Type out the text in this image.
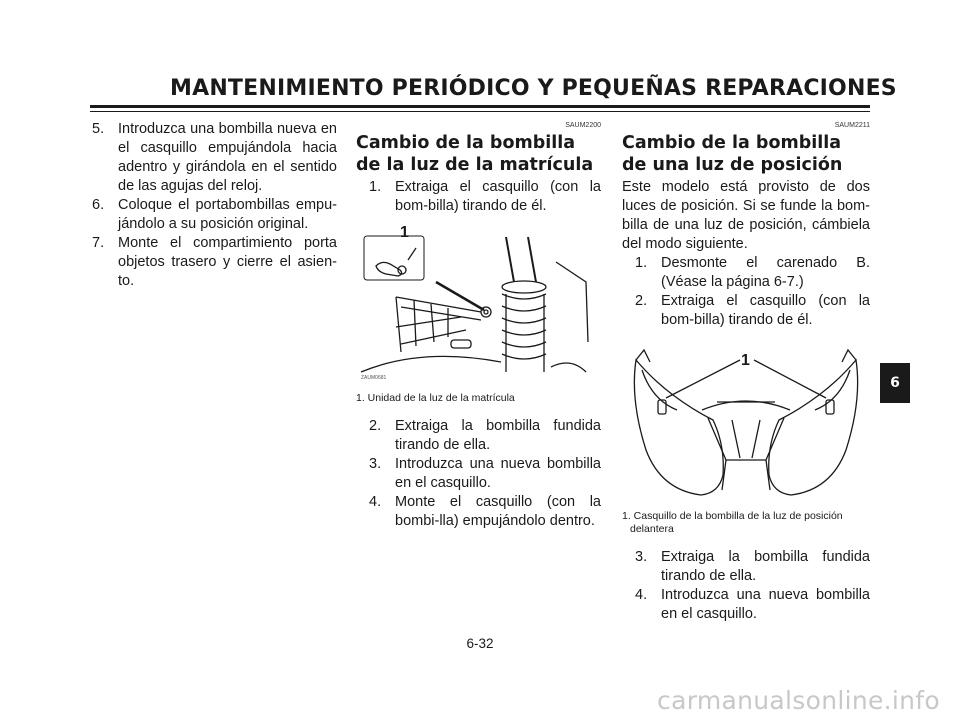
MANTENIMIENTO PERIÓDICO Y PEQUEÑAS REPARACIONES
5. Introduzca una bombilla nueva en el casquillo empujándola hacia adentro y girándola en el sentido de las agujas del reloj.
6. Coloque el portabombillas empu-jándolo a su posición original.
7. Monte el compartimiento porta objetos trasero y cierre el asien-to.
SAUM2200
Cambio de la bombilla de la luz de la matrícula
1. Extraiga el casquillo (con la bom-billa) tirando de él.
1
ZAUM0681
1. Unidad de la luz de la matrícula
2. Extraiga la bombilla fundida tirando de ella.
3. Introduzca una nueva bombilla en el casquillo.
4. Monte el casquillo (con la bombi-lla) empujándolo dentro.
SAUM2211
Cambio de la bombilla de una luz de posición

Este modelo está provisto de dos luces de posición. Si se funde la bom-billa de una luz de posición, cámbiela del modo siguiente.

1. Desmonte el carenado B. (Véase la página 6-7.)
2. Extraiga el casquillo (con la bom-billa) tirando de él.
1
1. Casquillo de la bombilla de la luz de posición
delantera
3. Extraiga la bombilla fundida tirando de ella.
4. Introduzca una nueva bombilla en el casquillo.
6
6-32
carmanualsonline.info
